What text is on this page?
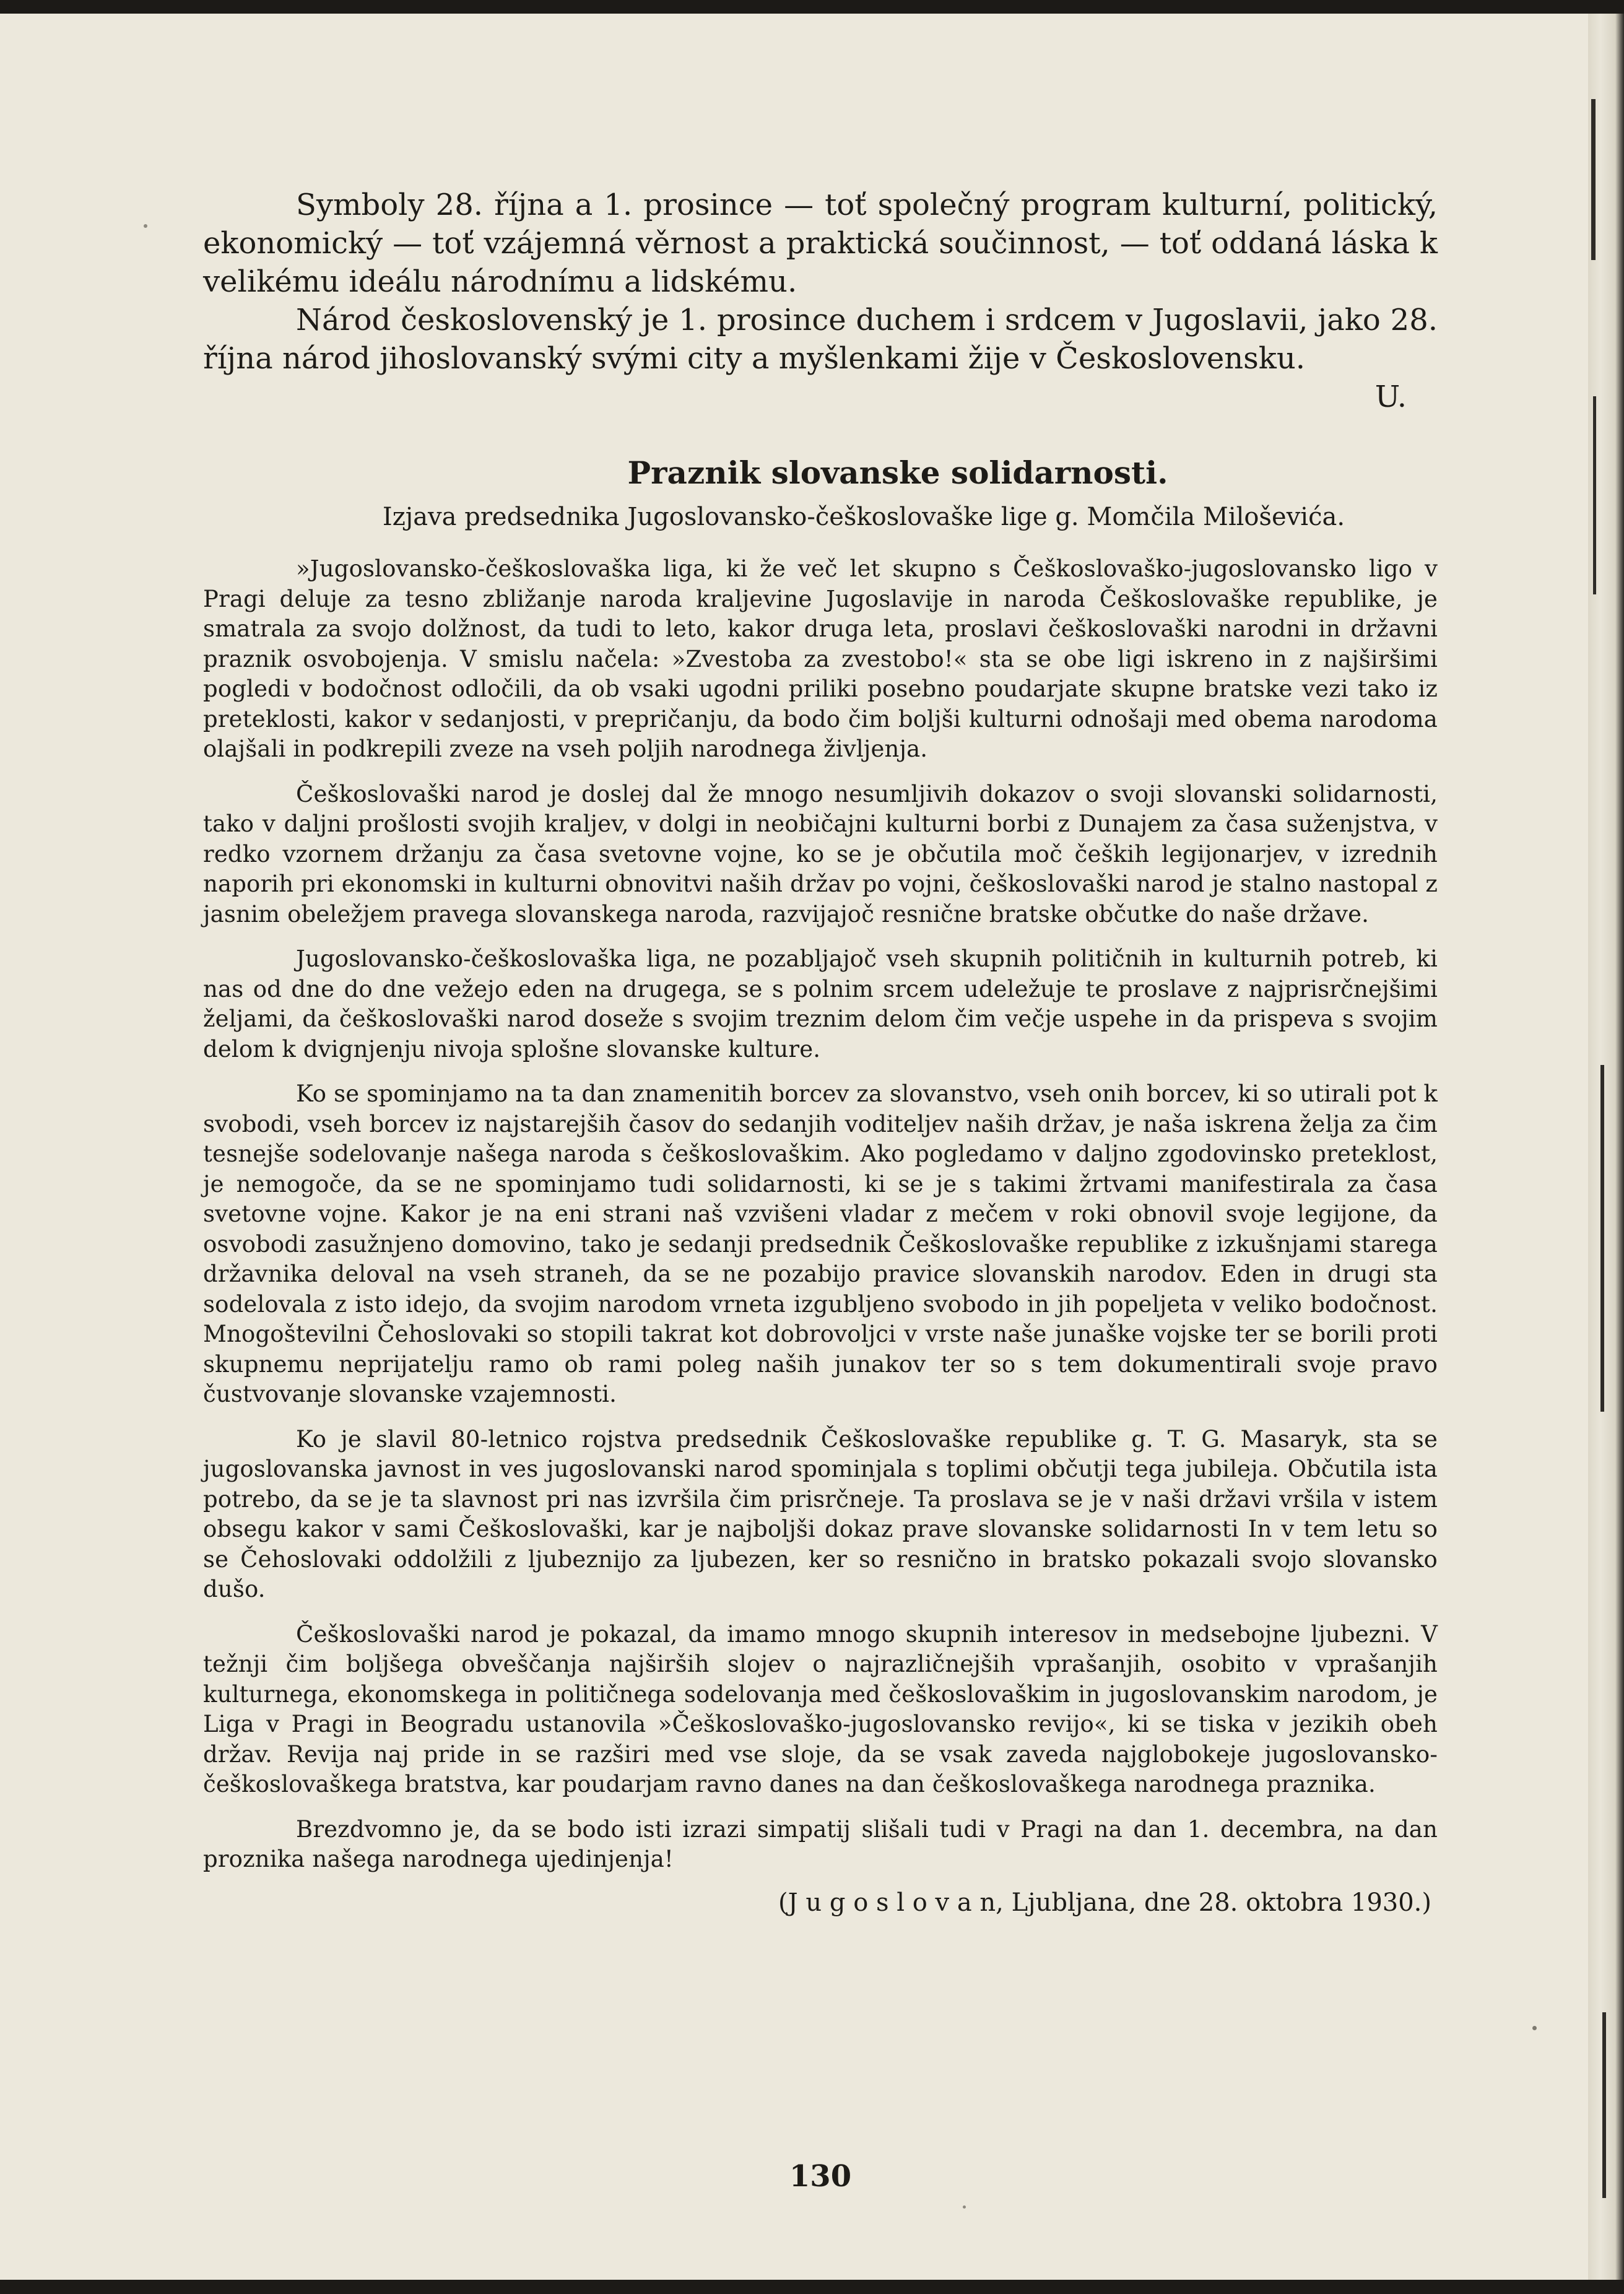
Symboly 28. října a 1. prosince — toť společný program kulturní, politický, ekonomický — toť vzájemná věrnost a praktická součinnost, — toť oddaná láska k velikému ideálu národnímu a lidskému.

Národ československý je 1. prosince duchem i srdcem v Jugoslavii, jako 28. října národ jihoslovanský svými city a myšlenkami žije v Československu.

U.

Praznik slovanske solidarnosti.

Izjava predsednika Jugoslovansko-češkoslovaške lige g. Momčila Miloševića.

»Jugoslovansko-češkoslovaška liga, ki že več let skupno s Češkoslovaško-jugoslovansko ligo v Pragi deluje za tesno zbližanje naroda kraljevine Jugoslavije in naroda Češkoslovaške republike, je smatrala za svojo dolžnost, da tudi to leto, kakor druga leta, proslavi češkoslovaški narodni in državni praznik osvobojenja. V smislu načela: »Zvestoba za zvestobo!« sta se obe ligi iskreno in z najširšimi pogledi v bodočnost odločili, da ob vsaki ugodni priliki posebno poudarjate skupne bratske vezi tako iz preteklosti, kakor v sedanjosti, v prepričanju, da bodo čim boljši kulturni odnošaji med obema narodoma olajšali in podkrepili zveze na vseh poljih narodnega življenja.

Češkoslovaški narod je doslej dal že mnogo nesumljivih dokazov o svoji slovanski solidarnosti, tako v daljni prošlosti svojih kraljev, v dolgi in neobičajni kulturni borbi z Dunajem za časa suženjstva, v redko vzornem držanju za časa svetovne vojne, ko se je občutila moč čeških legijonarjev, v izrednih naporih pri ekonomski in kulturni obnovitvi naših držav po vojni, češkoslovaški narod je stalno nastopal z jasnim obeležjem pravega slovanskega naroda, razvijajoč resnične bratske občutke do naše države.

Jugoslovansko-češkoslovaška liga, ne pozabljajoč vseh skupnih političnih in kulturnih potreb, ki nas od dne do dne vežejo eden na drugega, se s polnim srcem udeležuje te proslave z najprisrčnejšimi željami, da češkoslovaški narod doseže s svojim treznim delom čim večje uspehe in da prispeva s svojim delom k dvignjenju nivoja splošne slovanske kulture.

Ko se spominjamo na ta dan znamenitih borcev za slovanstvo, vseh onih borcev, ki so utirali pot k svobodi, vseh borcev iz najstarejših časov do sedanjih voditeljev naših držav, je naša iskrena želja za čim tesnejše sodelovanje našega naroda s češkoslovaškim. Ako pogledamo v daljno zgodovinsko preteklost, je nemogoče, da se ne spominjamo tudi solidarnosti, ki se je s takimi žrtvami manifestirala za časa svetovne vojne. Kakor je na eni strani naš vzvišeni vladar z mečem v roki obnovil svoje legijone, da osvobodi zasužnjeno domovino, tako je sedanji predsednik Češkoslovaške republike z izkušnjami starega državnika deloval na vseh straneh, da se ne pozabijo pravice slovanskih narodov. Eden in drugi sta sodelovala z isto idejo, da svojim narodom vrneta izgubljeno svobodo in jih popeljeta v veliko bodočnost. Mnogoštevilni Čehoslovaki so stopili takrat kot dobrovoljci v vrste naše junaške vojske ter se borili proti skupnemu neprijatelju ramo ob rami poleg naših junakov ter so s tem dokumentirali svoje pravo čustvovanje slovanske vzajemnosti.

Ko je slavil 80-letnico rojstva predsednik Češkoslovaške republike g. T. G. Masaryk, sta se jugoslovanska javnost in ves jugoslovanski narod spominjala s toplimi občutji tega jubileja. Občutila ista potrebo, da se je ta slavnost pri nas izvršila čim prisrčneje. Ta proslava se je v naši državi vršila v istem obsegu kakor v sami Češkoslovaški, kar je najboljši dokaz prave slovanske solidarnosti In v tem letu so se Čehoslovaki oddolžili z ljubeznijo za ljubezen, ker so resnično in bratsko pokazali svojo slovansko dušo.

Češkoslovaški narod je pokazal, da imamo mnogo skupnih interesov in medsebojne ljubezni. V težnji čim boljšega obveščanja najširših slojev o najrazličnejših vprašanjih, osobito v vprašanjih kulturnega, ekonomskega in političnega sodelovanja med češkoslovaškim in jugoslovanskim narodom, je Liga v Pragi in Beogradu ustanovila »Češkoslovaško-jugoslovansko revijo«, ki se tiska v jezikih obeh držav. Revija naj pride in se razširi med vse sloje, da se vsak zaveda najglobokeje jugoslovansko-češkoslovaškega bratstva, kar poudarjam ravno danes na dan češkoslovaškega narodnega praznika.

Brezdvomno je, da se bodo isti izrazi simpatij slišali tudi v Pragi na dan 1. decembra, na dan proznika našega narodnega ujedinjenja!

(J u g o s l o v a n, Ljubljana, dne 28. oktobra 1930.)

130
